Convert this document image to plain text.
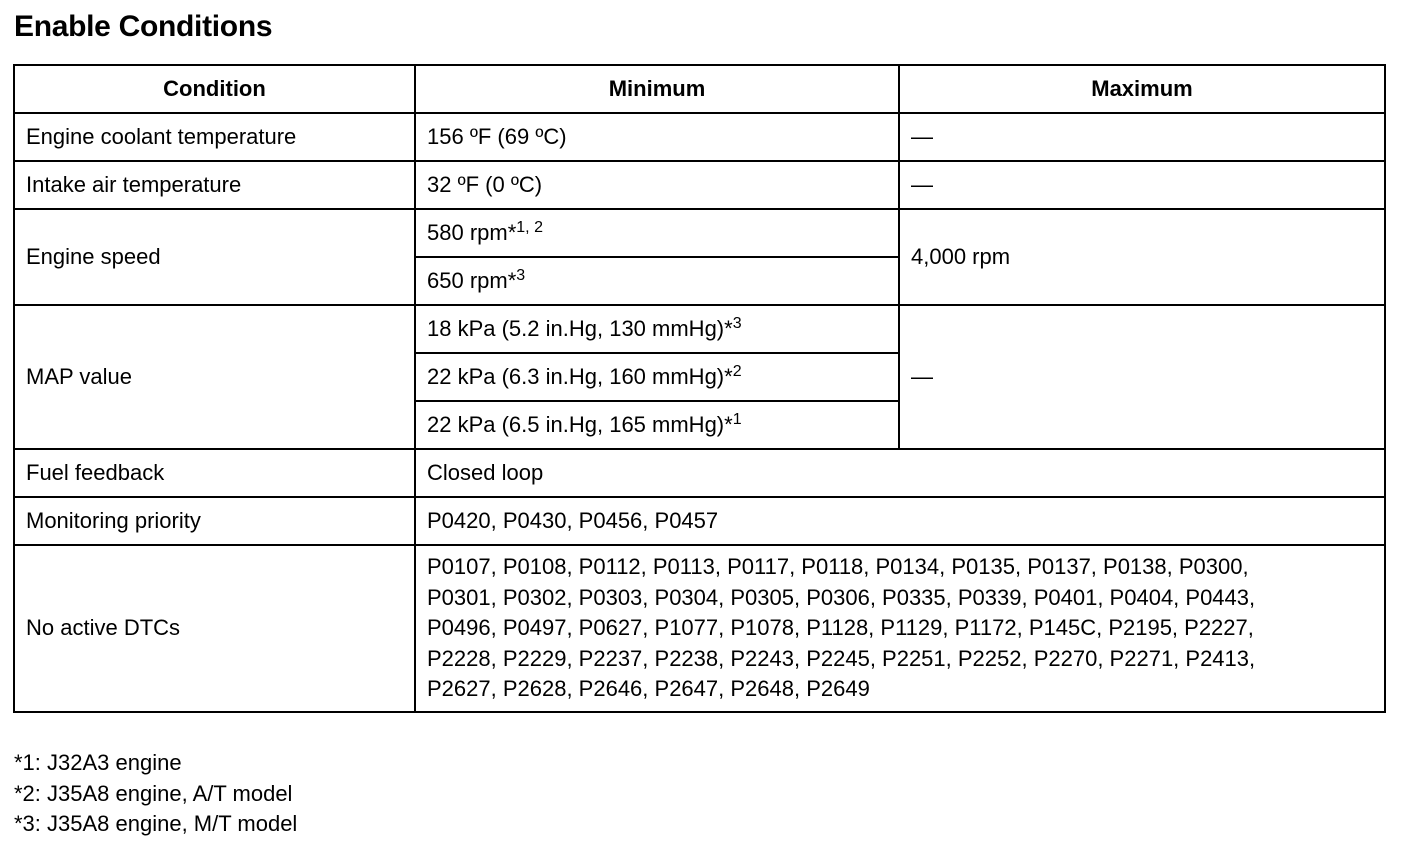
Enable Conditions
Condition	Minimum	Maximum
Engine coolant temperature	156 ºF (69 ºC)	—
Intake air temperature	32 ºF (0 ºC)	—
Engine speed	580 rpm*$^{1, 2}$	4,000 rpm
	650 rpm*$^3$
MAP value	18 kPa (5.2 in.Hg, 130 mmHg)*$^3$	—
	22 kPa (6.3 in.Hg, 160 mmHg)*$^2$
	22 kPa (6.5 in.Hg, 165 mmHg)*$^1$
Fuel feedback	Closed loop	
Monitoring priority	P0420, P0430, P0456, P0457	
No active DTCs	P0107, P0108, P0112, P0113, P0117, P0118, P0134, P0135, P0137, P0138, P0300,
P0301, P0302, P0303, P0304, P0305, P0306, P0335, P0339, P0401, P0404, P0443,
P0496, P0497, P0627, P1077, P1078, P1128, P1129, P1172, P145C, P2195, P2227,
P2228, P2229, P2237, P2238, P2243, P2245, P2251, P2252, P2270, P2271, P2413,
P2627, P2628, P2646, P2647, P2648, P2649	
*1: J32A3 engine
*2: J35A8 engine, A/T model
*3: J35A8 engine, M/T model
